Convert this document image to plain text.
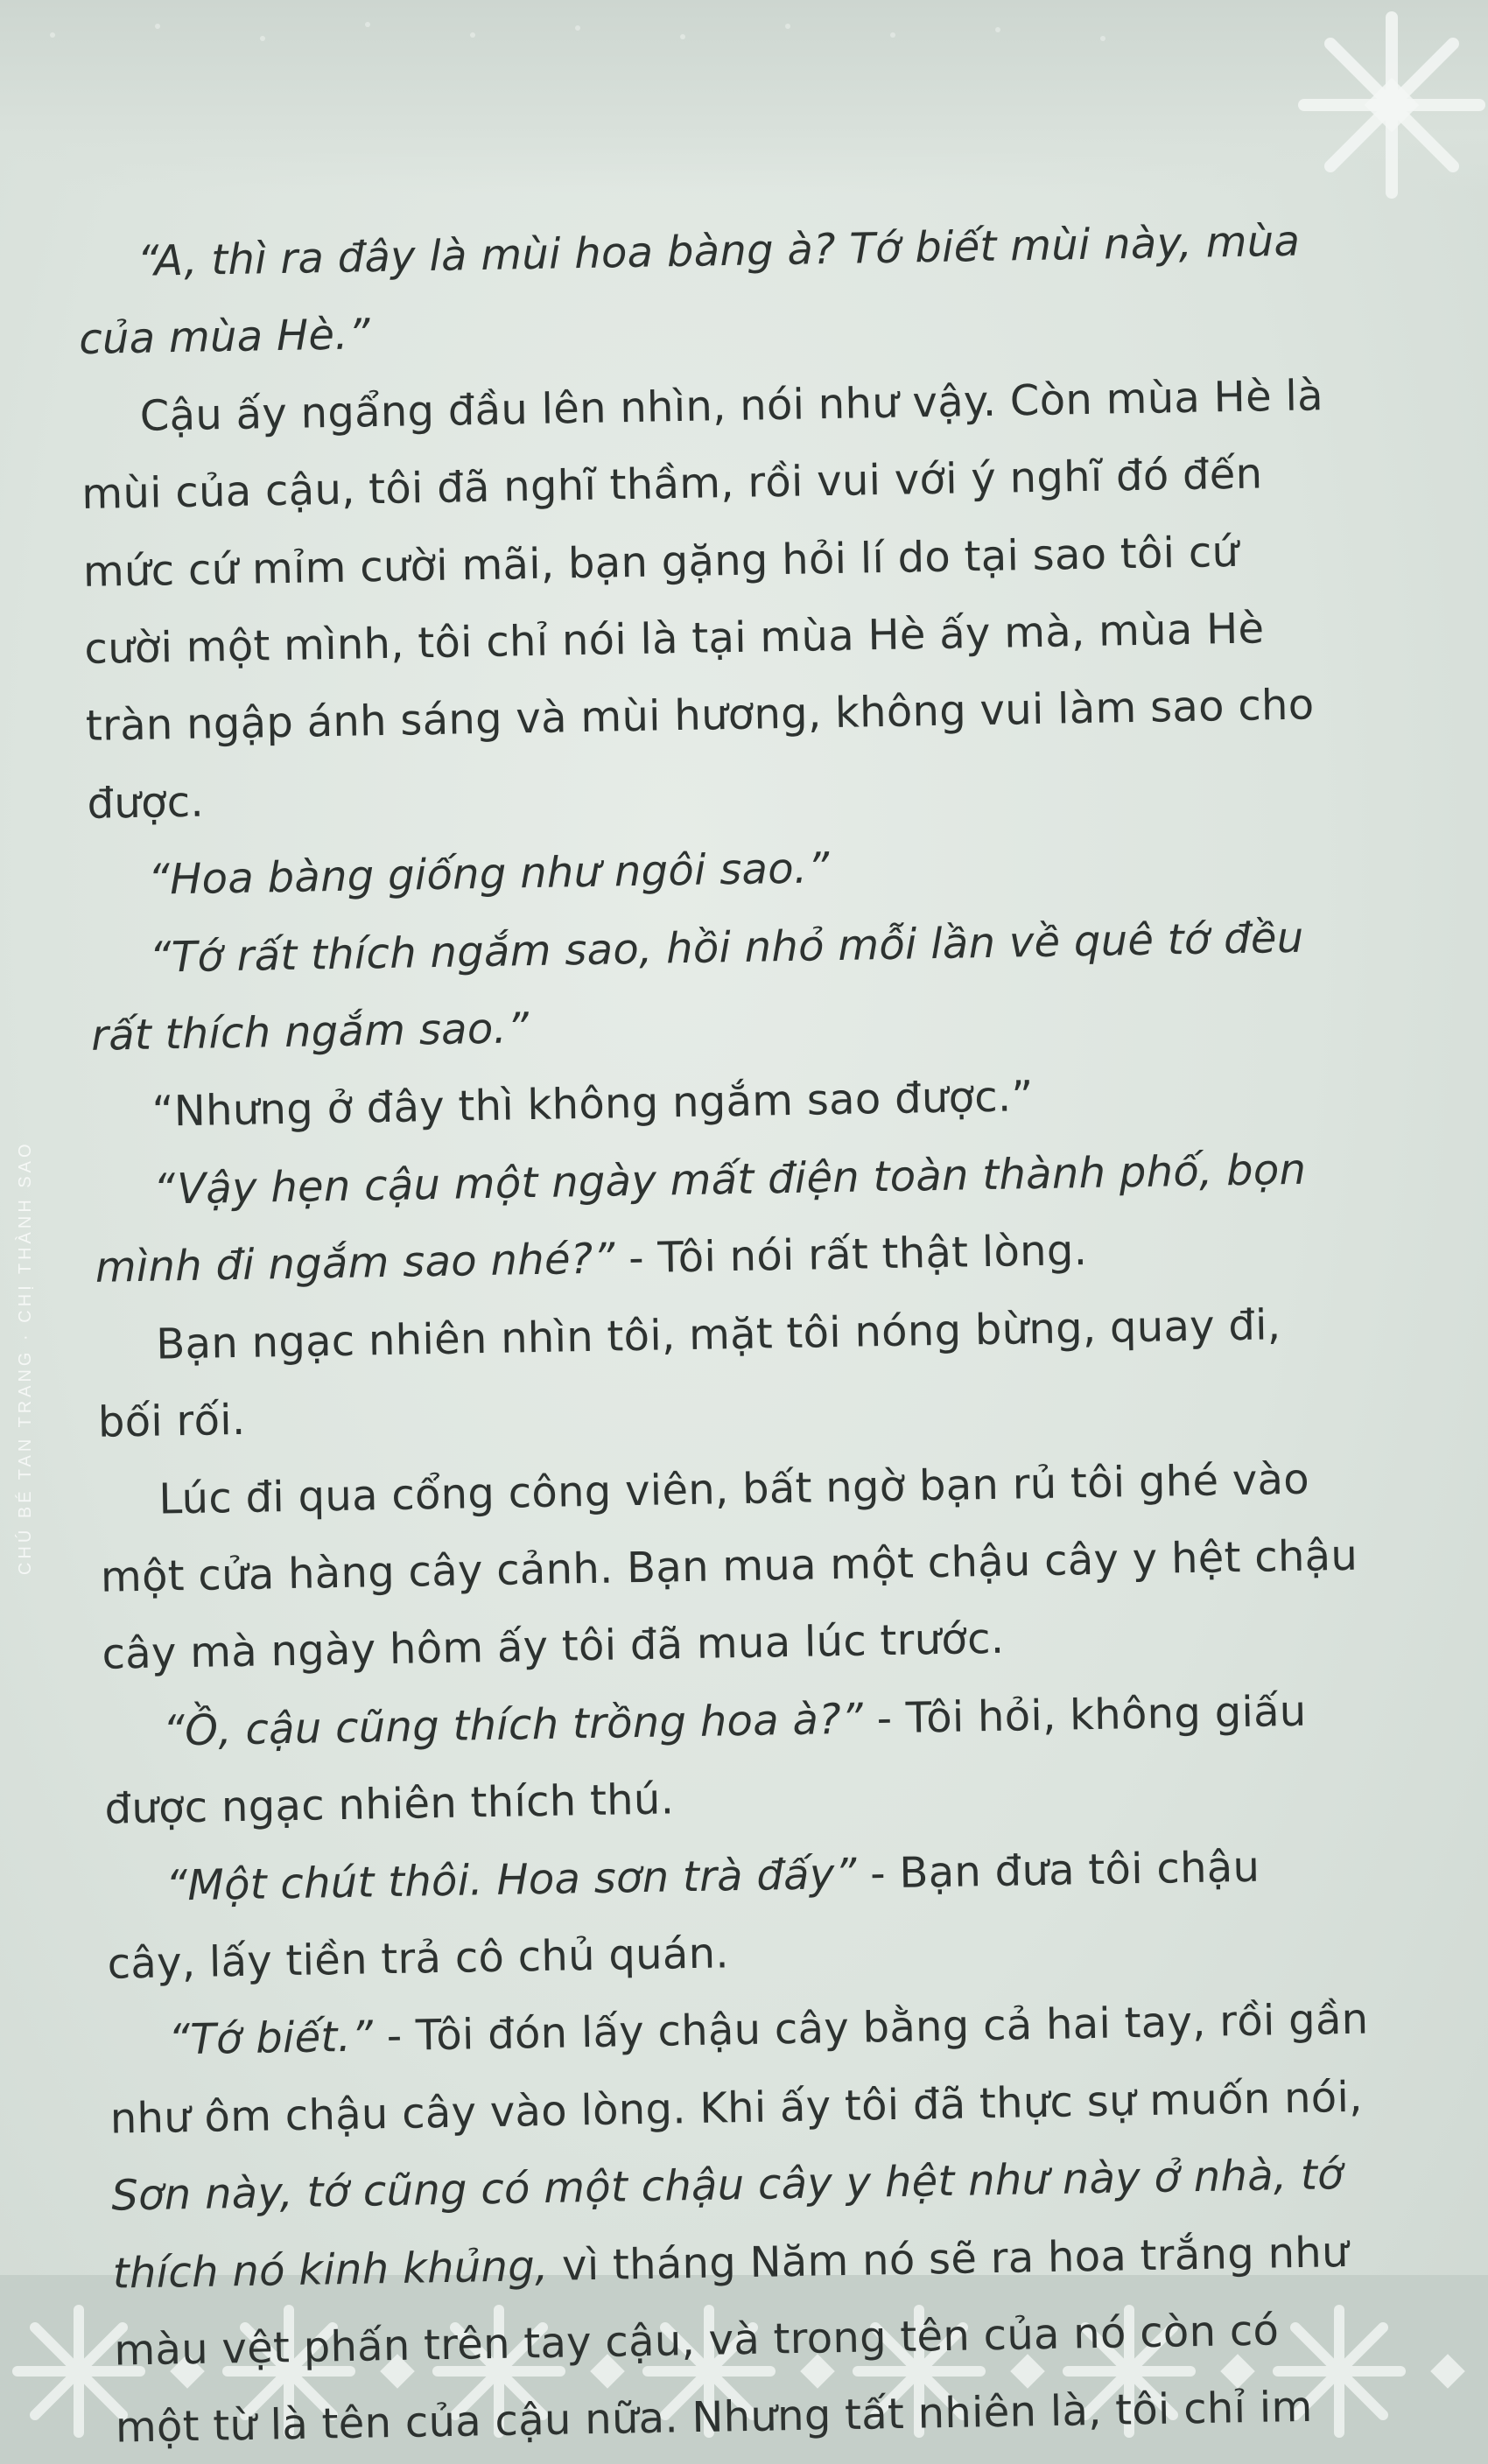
CHÚ BÉ TAN TRANG · CHỊ THÀNH SAO

“A, thì ra đây là mùi hoa bàng à? Tớ biết mùi này, mùa
của mùa Hè.”

Cậu ấy ngẩng đầu lên nhìn, nói như vậy. Còn mùa Hè là
mùi của cậu, tôi đã nghĩ thầm, rồi vui với ý nghĩ đó đến
mức cứ mỉm cười mãi, bạn gặng hỏi lí do tại sao tôi cứ
cười một mình, tôi chỉ nói là tại mùa Hè ấy mà, mùa Hè
tràn ngập ánh sáng và mùi hương, không vui làm sao cho
được.

“Hoa bàng giống như ngôi sao.”

“Tớ rất thích ngắm sao, hồi nhỏ mỗi lần về quê tớ đều
rất thích ngắm sao.”

“Nhưng ở đây thì không ngắm sao được.”

“Vậy hẹn cậu một ngày mất điện toàn thành phố, bọn
mình đi ngắm sao nhé?” - Tôi nói rất thật lòng.

Bạn ngạc nhiên nhìn tôi, mặt tôi nóng bừng, quay đi,
bối rối.

Lúc đi qua cổng công viên, bất ngờ bạn rủ tôi ghé vào
một cửa hàng cây cảnh. Bạn mua một chậu cây y hệt chậu
cây mà ngày hôm ấy tôi đã mua lúc trước.

“Ồ, cậu cũng thích trồng hoa à?” - Tôi hỏi, không giấu
được ngạc nhiên thích thú.

“Một chút thôi. Hoa sơn trà đấy” - Bạn đưa tôi chậu
cây, lấy tiền trả cô chủ quán.

“Tớ biết.” - Tôi đón lấy chậu cây bằng cả hai tay, rồi gần
như ôm chậu cây vào lòng. Khi ấy tôi đã thực sự muốn nói,
Sơn này, tớ cũng có một chậu cây y hệt như này ở nhà, tớ
thích nó kinh khủng, vì tháng Năm nó sẽ ra hoa trắng như
màu vệt phấn trên tay cậu, và trong tên của nó còn có
một từ là tên của cậu nữa. Nhưng tất nhiên là, tôi chỉ im
